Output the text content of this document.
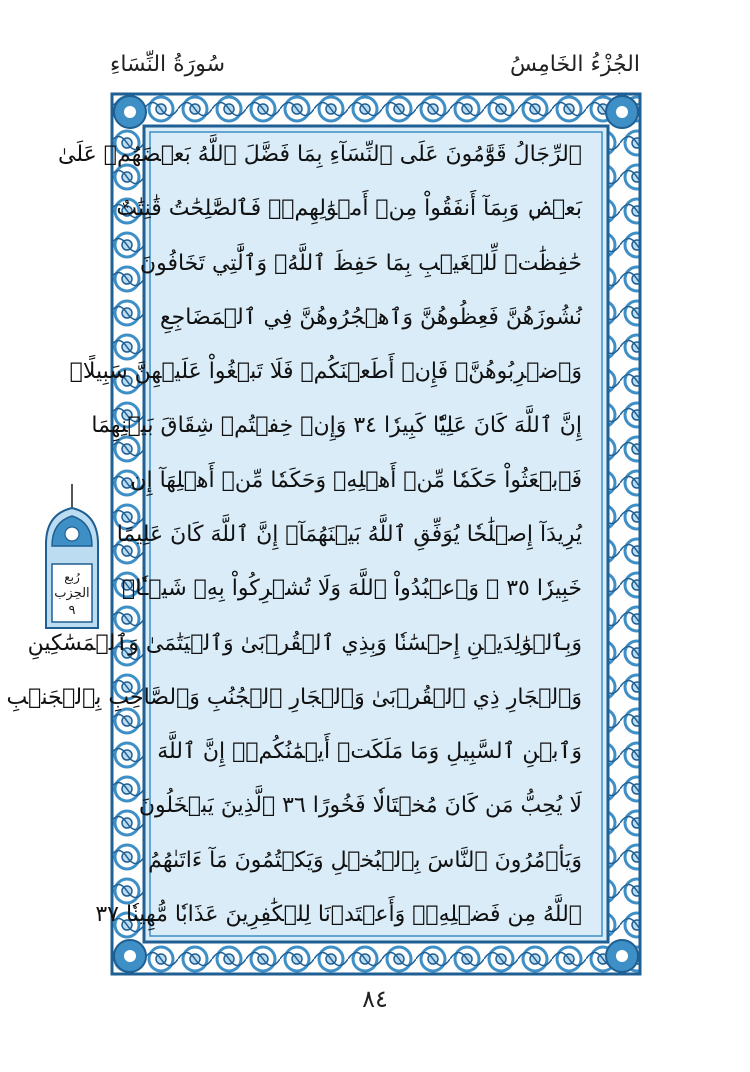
الجُزْءُ الخَامِسُ
سُورَةُ النِّسَاءِ
ٱلرِّجَالُ قَوَّٰمُونَ عَلَى ٱلنِّسَآءِ بِمَا فَضَّلَ ٱللَّهُ بَعۡضَهُمۡ عَلَىٰ
بَعۡضٖ وَبِمَآ أَنفَقُواْ مِنۡ أَمۡوَٰلِهِمۡۚ فَٱلصَّٰلِحَٰتُ قَٰنِتَٰتٌ
حَٰفِظَٰتٞ لِّلۡغَيۡبِ بِمَا حَفِظَ ٱللَّهُۚ وَٱلَّٰتِي تَخَافُونَ
نُشُوزَهُنَّ فَعِظُوهُنَّ وَٱهۡجُرُوهُنَّ فِي ٱلۡمَضَاجِعِ
وَٱضۡرِبُوهُنَّۖ فَإِنۡ أَطَعۡنَكُمۡ فَلَا تَبۡغُواْ عَلَيۡهِنَّ سَبِيلًاۗ
إِنَّ ٱللَّهَ كَانَ عَلِيّٗا كَبِيرٗا ٣٤ وَإِنۡ خِفۡتُمۡ شِقَاقَ بَيۡنِهِمَا
فَٱبۡعَثُواْ حَكَمٗا مِّنۡ أَهۡلِهِۦ وَحَكَمٗا مِّنۡ أَهۡلِهَآ إِن
يُرِيدَآ إِصۡلَٰحٗا يُوَفِّقِ ٱللَّهُ بَيۡنَهُمَآۗ إِنَّ ٱللَّهَ كَانَ عَلِيمًا
خَبِيرٗا ٣٥ ۞ وَٱعۡبُدُواْ ٱللَّهَ وَلَا تُشۡرِكُواْ بِهِۦ شَيۡـٔٗاۖ
وَبِٱلۡوَٰلِدَيۡنِ إِحۡسَٰنٗا وَبِذِي ٱلۡقُرۡبَىٰ وَٱلۡيَتَٰمَىٰ وَٱلۡمَسَٰكِينِ
وَٱلۡجَارِ ذِي ٱلۡقُرۡبَىٰ وَٱلۡجَارِ ٱلۡجُنُبِ وَٱلصَّاحِبِ بِٱلۡجَنۢبِ
وَٱبۡنِ ٱلسَّبِيلِ وَمَا مَلَكَتۡ أَيۡمَٰنُكُمۡۗ إِنَّ ٱللَّهَ
لَا يُحِبُّ مَن كَانَ مُخۡتَالٗا فَخُورًا ٣٦ ٱلَّذِينَ يَبۡخَلُونَ
وَيَأۡمُرُونَ ٱلنَّاسَ بِٱلۡبُخۡلِ وَيَكۡتُمُونَ مَآ ءَاتَىٰهُمُ
ٱللَّهُ مِن فَضۡلِهِۦۗ وَأَعۡتَدۡنَا لِلۡكَٰفِرِينَ عَذَابٗا مُّهِينٗا ٣٧
رُبع
الحِزب
٩
٨٤
